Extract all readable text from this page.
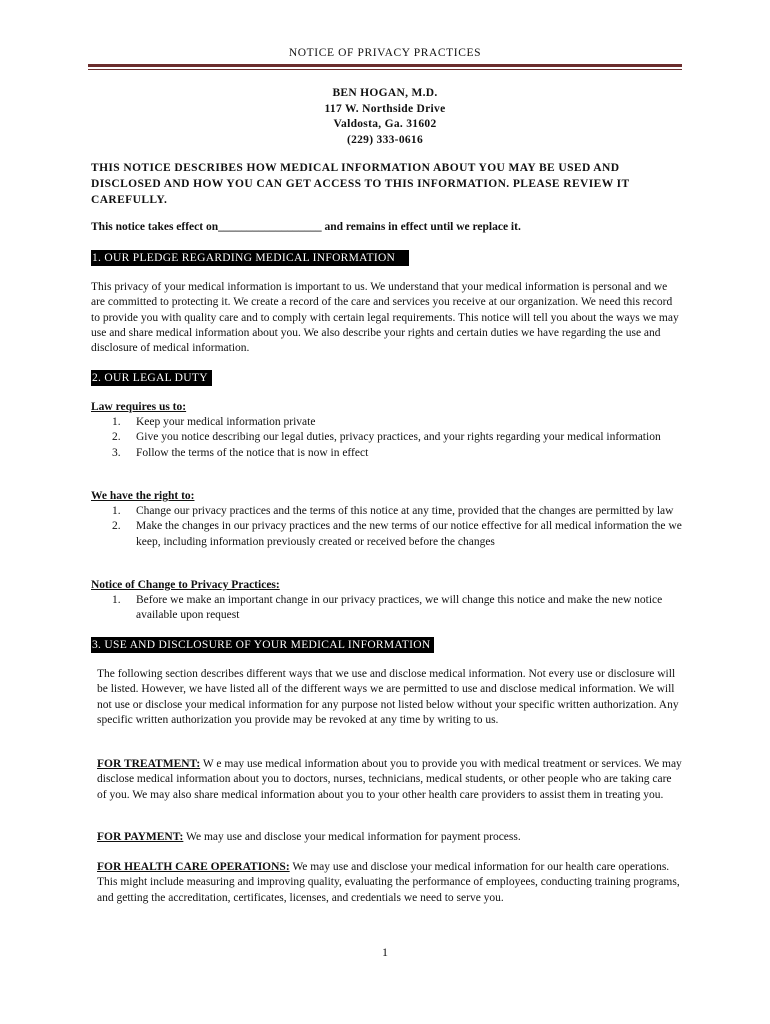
NOTICE OF PRIVACY PRACTICES
BEN HOGAN, M.D.
117 W. Northside Drive
Valdosta, Ga. 31602
(229) 333-0616
THIS NOTICE DESCRIBES HOW MEDICAL INFORMATION ABOUT YOU MAY BE USED AND DISCLOSED AND HOW YOU CAN GET ACCESS TO THIS INFORMATION. PLEASE REVIEW IT CAREFULLY.
This notice takes effect on__________________ and remains in effect until we replace it.
1. OUR PLEDGE REGARDING MEDICAL INFORMATION
This privacy of your medical information is important to us. We understand that your medical information is personal and we are committed to protecting it. We create a record of the care and services you receive at our organization. We need this record to provide you with quality care and to comply with certain legal requirements. This notice will tell you about the ways we may use and share medical information about you. We also describe your rights and certain duties we have regarding the use and disclosure of medical information.
2. OUR LEGAL DUTY
Law requires us to:
1. Keep your medical information private
2. Give you notice describing our legal duties, privacy practices, and your rights regarding your medical information
3. Follow the terms of the notice that is now in effect
We have the right to:
1. Change our privacy practices and the terms of this notice at any time, provided that the changes are permitted by law
2. Make the changes in our privacy practices and the new terms of our notice effective for all medical information the we keep, including information previously created or received before the changes
Notice of Change to Privacy Practices:
1. Before we make an important change in our privacy practices, we will change this notice and make the new notice available upon request
3. USE AND DISCLOSURE OF YOUR MEDICAL INFORMATION
The following section describes different ways that we use and disclose medical information. Not every use or disclosure will be listed. However, we have listed all of the different ways we are permitted to use and disclose medical information. We will not use or disclose your medical information for any purpose not listed below without your specific written authorization. Any specific written authorization you provide may be revoked at any time by writing to us.
FOR TREATMENT: W e may use medical information about you to provide you with medical treatment or services. We may disclose medical information about you to doctors, nurses, technicians, medical students, or other people who are taking care of you. We may also share medical information about you to your other health care providers to assist them in treating you.
FOR PAYMENT: We may use and disclose your medical information for payment process.
FOR HEALTH CARE OPERATIONS: We may use and disclose your medical information for our health care operations. This might include measuring and improving quality, evaluating the performance of employees, conducting training programs, and getting the accreditation, certificates, licenses, and credentials we need to serve you.
1
